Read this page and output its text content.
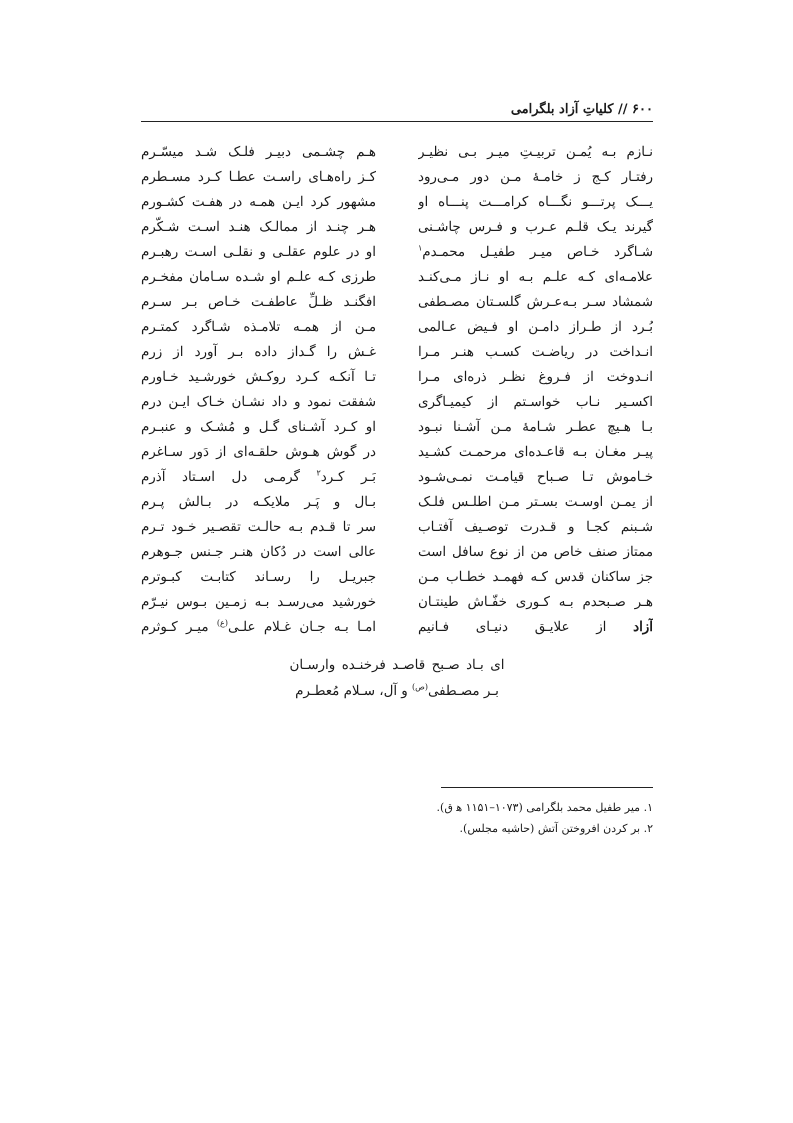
۶۰۰

//

کلیاتِ آزاد بلگرامی
نـازم بـه یُمـن تربیـتِ میـر بـی نظیـر
هـم چشـمی دبیـر فلـک شـد میسّـرم
رفتـار کـج ز خامـۀ مـن دور مـی‌رود
کـز راه‌هـای راسـت عطـا کـرد مسـطرم
یـــک پرتـــو نگـــاه کرامـــت پنـــاه او
مشهور کرد ایـن همـه در هفـت کشـورم
گیرند یـک قلـم عـرب و فـرس چاشـنی
هـر چنـد از ممالـک هنـد اسـت شـکّرم
شـاگرد خـاص میـر طفیـل محمـدم$^۱$
او در علوم عقلـی و نقلـی اسـت رهبـرم
علامـه‌ای کـه علـم بـه او نـاز مـی‌کنـد
طرزی کـه علـم او شـده سـامان مفخـرم
شمشاد سـر بـه‌عـرش گلسـتان مصـطفی
افگنـد ظـلِّ عاطفـت خـاص بـر سـرم
بُـرد از طـراز دامـن او فـیض عـالمی
مـن از همـه تلامـذه شـاگرد کمتـرم
انـداخت در ریاضـت کسـب هنـر مـرا
غـش را گـداز داده بـر آورد از زرم
انـدوخت از فـروغ نظـر ذره‌ای مـرا
تـا آنکـه کـرد روکـش خورشـید خـاورم
اکسـیر نـاب خواسـتم از کیمیـاگری
شفقت نمود و داد نشـان خـاک ایـن درم
بـا هـیچ عطـر شـامهٔ مـن آشـنا نبـود
او کـرد آشـنای گـل و مُشـک و عنبـرم
پیـر مغـان بـه قاعـده‌ای مرحمـت کشـید
در گوش هـوش حلقـه‌ای از دَور سـاغرم
خـاموش تـا صـباح قیامـت نمـی‌شـود
بَـر کـرد$^۲$ گرمـی دل اسـتاد آذرم
از یمـن اوسـت بسـتر مـن اطلـس فلـک
بـال و پَـر ملایکـه در بـالش پـرم
شـبنم کجـا و قـدرت توصـیف آفتـاب
سر تا قـدم بـه حالـت تقصـیر خـود تـرم
ممتاز صنف خاص من از نوع سافل است
عالی است در دُکان هنـر جـنس جـوهرم
جز ساکنان قدس کـه فهمـد خطـاب مـن
جبریـل را رسـاند کتابـت کبـوترم
هـر صـبحدم بـه کـوری خفّـاش طینتـان
خورشید می‌رسـد بـه زمـین بـوس نیـرّم
آزاد از علایـق دنیـای فـانیم
امـا بـه جـان غـلام علـی$^{(ع)}$ میـر کـوثرم
ای بـاد صـبح قاصـد فرخنـده وارسـان
بـر مصـطفی$^{(ص)}$ و آل، سـلام مُعطـرم
۱. میر طفیل محمد بلگرامی (۱۰۷۳–۱۱۵۱ ﻫ ق).
۲. بر کردن افروختن آتش (حاشیه مجلس).
